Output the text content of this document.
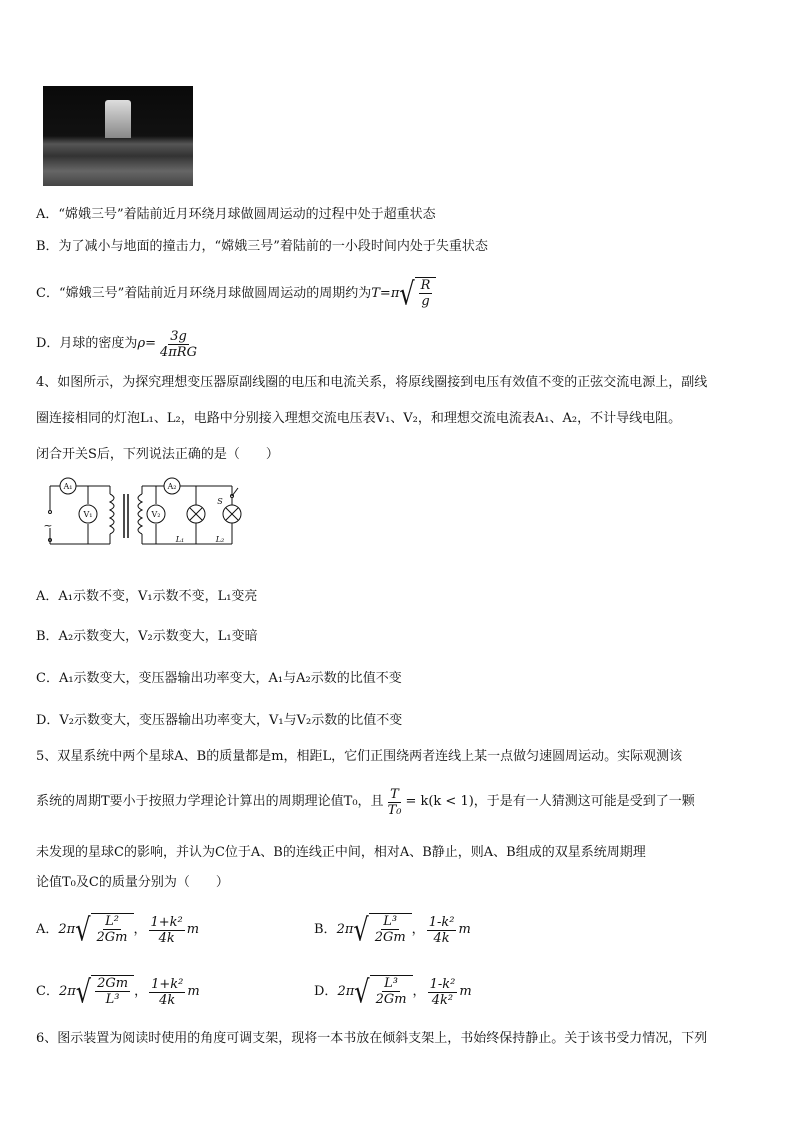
A．“嫦娥三号”着陆前近月环绕月球做圆周运动的过程中处于超重状态
B．为了减小与地面的撞击力，“嫦娥三号”着陆前的一小段时间内处于失重状态
C．“嫦娥三号”着陆前近月环绕月球做圆周运动的周期约为 T=π √ $\frac{R}{g}$
D．月球的密度为 $\rho= \frac{3g}{\text{4πRG}}$
4、如图所示，为探究理想变压器原副线圈的电压和电流关系，将原线圈接到电压有效值不变的正弦交流电源上，副线
圈连接相同的灯泡L₁、L₂，电路中分别接入理想交流电压表V₁、V₂，和理想交流电流表A₁、A₂，不计导线电阻。
闭合开关S后，下列说法正确的是（　　）
A₁
V₁
A₂
V₂
L₁	L₂
S
~
A．A₁示数不变，V₁示数不变，L₁变亮
B．A₂示数变大，V₂示数变大，L₁变暗
C．A₁示数变大，变压器输出功率变大，A₁与A₂示数的比值不变
D．V₂示数变大，变压器输出功率变大，V₁与V₂示数的比值不变
5、双星系统中两个星球A、B的质量都是m，相距L，它们正围绕两者连线上某一点做匀速圆周运动。实际观测该
系统的周期T要小于按照力学理论计算出的周期理论值T₀，且 $\frac{T}{\text{T₀}} = k(k < 1)$，于是有一人猜测这可能是受到了一颗
未发现的星球C的影响，并认为C位于A、B的连线正中间，相对A、B静止，则A、B组成的双星系统周期理
论值T₀及C的质量分别为（　　）
A． 2π √ $\frac{\text{L²}}{2Gm}$ ， $\frac{\text{1+k²}}{4k}$ m	B． 2π √ $\frac{\text{L³}}{2Gm}$ ， $\frac{\text{1-k²}}{4k}$ m
C． 2π √ $\frac{2Gm}{\text{L³}}$ ， $\frac{\text{1+k²}}{4k}$ m	D． 2π √ $\frac{\text{L³}}{2Gm}$ ， $\frac{\text{1-k²}}{\text{4k²}}$ m
6、图示装置为阅读时使用的角度可调支架，现将一本书放在倾斜支架上，书始终保持静止。关于该书受力情况，下列
